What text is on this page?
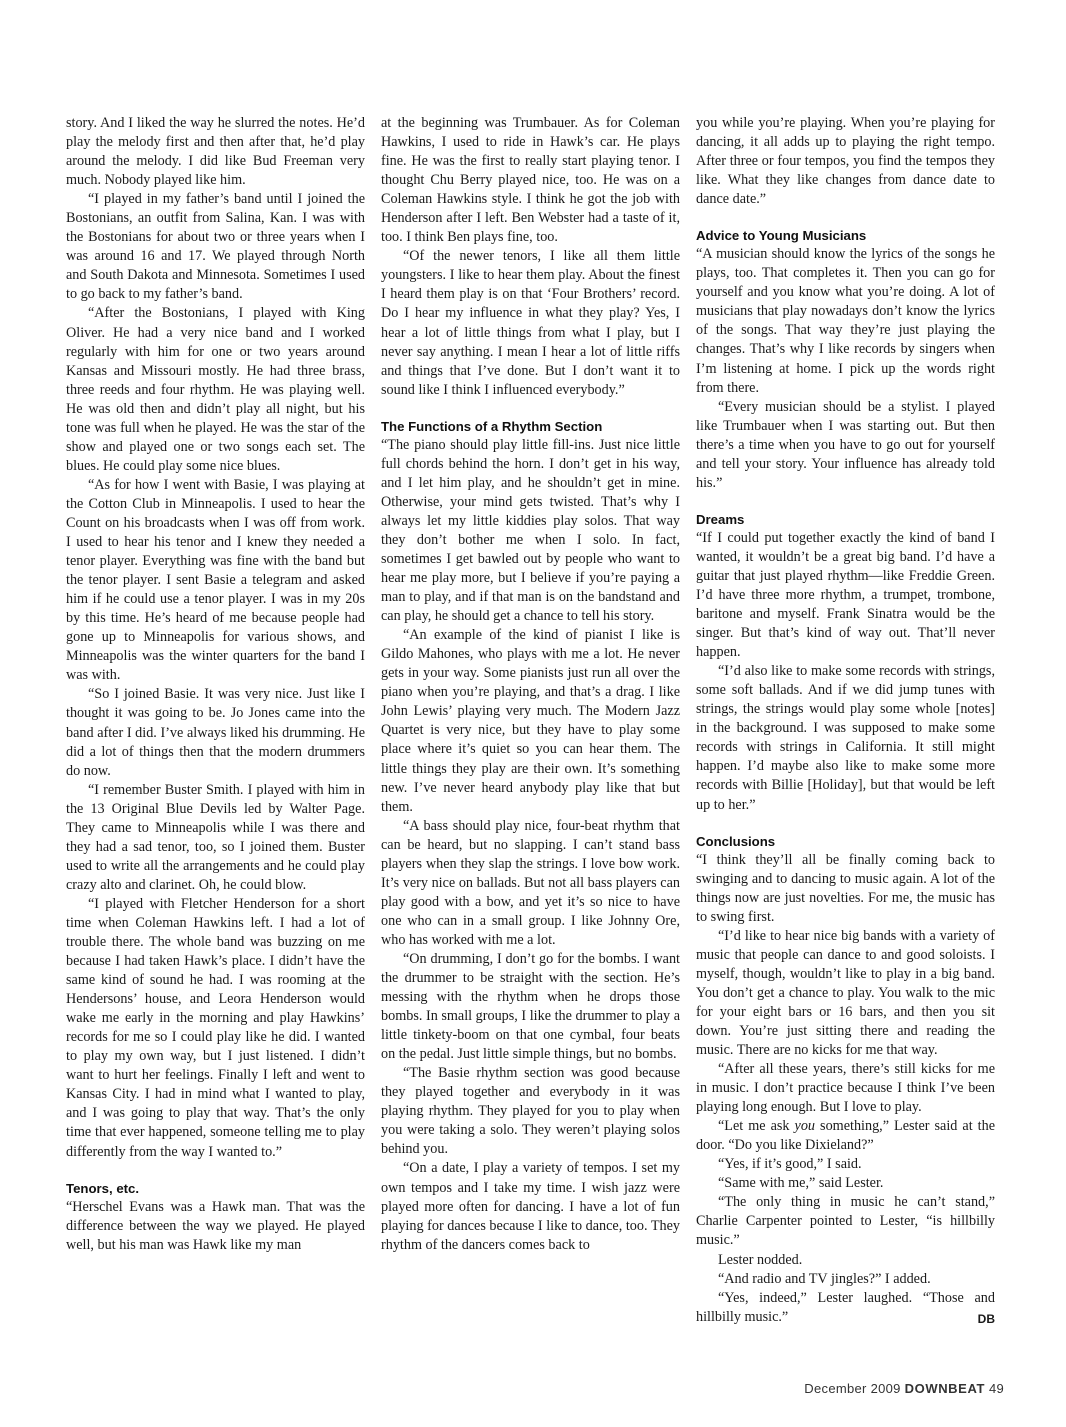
story. And I liked the way he slurred the notes. He’d play the melody first and then after that, he’d play around the melody. I did like Bud Freeman very much. Nobody played like him.

“I played in my father’s band until I joined the Bostonians, an outfit from Salina, Kan. I was with the Bostonians for about two or three years when I was around 16 and 17. We played through North and South Dakota and Minnesota. Sometimes I used to go back to my father’s band.

“After the Bostonians, I played with King Oliver. He had a very nice band and I worked regularly with him for one or two years around Kansas and Missouri mostly. He had three brass, three reeds and four rhythm. He was playing well. He was old then and didn’t play all night, but his tone was full when he played. He was the star of the show and played one or two songs each set. The blues. He could play some nice blues.

“As for how I went with Basie, I was playing at the Cotton Club in Minneapolis. I used to hear the Count on his broadcasts when I was off from work. I used to hear his tenor and I knew they needed a tenor player. Everything was fine with the band but the tenor player. I sent Basie a telegram and asked him if he could use a tenor player. I was in my 20s by this time. He’s heard of me because people had gone up to Minneapolis for various shows, and Minneapolis was the winter quarters for the band I was with.

“So I joined Basie. It was very nice. Just like I thought it was going to be. Jo Jones came into the band after I did. I’ve always liked his drumming. He did a lot of things then that the modern drummers do now.

“I remember Buster Smith. I played with him in the 13 Original Blue Devils led by Walter Page. They came to Minneapolis while I was there and they had a sad tenor, too, so I joined them. Buster used to write all the arrangements and he could play crazy alto and clarinet. Oh, he could blow.

“I played with Fletcher Henderson for a short time when Coleman Hawkins left. I had a lot of trouble there. The whole band was buzzing on me because I had taken Hawk’s place. I didn’t have the same kind of sound he had. I was rooming at the Hendersons’ house, and Leora Henderson would wake me early in the morning and play Hawkins’ records for me so I could play like he did. I wanted to play my own way, but I just listened. I didn’t want to hurt her feelings. Finally I left and went to Kansas City. I had in mind what I wanted to play, and I was going to play that way. That’s the only time that ever happened, someone telling me to play differently from the way I wanted to.”

Tenors, etc.

“Herschel Evans was a Hawk man. That was the difference between the way we played. He played well, but his man was Hawk like my man

at the beginning was Trumbauer. As for Coleman Hawkins, I used to ride in Hawk’s car. He plays fine. He was the first to really start playing tenor. I thought Chu Berry played nice, too. He was on a Coleman Hawkins style. I think he got the job with Henderson after I left. Ben Webster had a taste of it, too. I think Ben plays fine, too.

“Of the newer tenors, I like all them little youngsters. I like to hear them play. About the finest I heard them play is on that ‘Four Brothers’ record. Do I hear my influence in what they play? Yes, I hear a lot of little things from what I play, but I never say anything. I mean I hear a lot of little riffs and things that I’ve done. But I don’t want it to sound like I think I influenced everybody.”

The Functions of a Rhythm Section

“The piano should play little fill-ins. Just nice little full chords behind the horn. I don’t get in his way, and I let him play, and he shouldn’t get in mine. Otherwise, your mind gets twisted. That’s why I always let my little kiddies play solos. That way they don’t bother me when I solo. In fact, sometimes I get bawled out by people who want to hear me play more, but I believe if you’re paying a man to play, and if that man is on the bandstand and can play, he should get a chance to tell his story.

“An example of the kind of pianist I like is Gildo Mahones, who plays with me a lot. He never gets in your way. Some pianists just run all over the piano when you’re playing, and that’s a drag. I like John Lewis’ playing very much. The Modern Jazz Quartet is very nice, but they have to play some place where it’s quiet so you can hear them. The little things they play are their own. It’s something new. I’ve never heard anybody play like that but them.

“A bass should play nice, four-beat rhythm that can be heard, but no slapping. I can’t stand bass players when they slap the strings. I love bow work. It’s very nice on ballads. But not all bass players can play good with a bow, and yet it’s so nice to have one who can in a small group. I like Johnny Ore, who has worked with me a lot.

“On drumming, I don’t go for the bombs. I want the drummer to be straight with the section. He’s messing with the rhythm when he drops those bombs. In small groups, I like the drummer to play a little tinkety-boom on that one cymbal, four beats on the pedal. Just little simple things, but no bombs.

“The Basie rhythm section was good because they played together and everybody in it was playing rhythm. They played for you to play when you were taking a solo. They weren’t playing solos behind you.

“On a date, I play a variety of tempos. I set my own tempos and I take my time. I wish jazz were played more often for dancing. I have a lot of fun playing for dances because I like to dance, too. They rhythm of the dancers comes back to

you while you’re playing. When you’re playing for dancing, it all adds up to playing the right tempo. After three or four tempos, you find the tempos they like. What they like changes from dance date to dance date.”

Advice to Young Musicians

“A musician should know the lyrics of the songs he plays, too. That completes it. Then you can go for yourself and you know what you’re doing. A lot of musicians that play nowadays don’t know the lyrics of the songs. That way they’re just playing the changes. That’s why I like records by singers when I’m listening at home. I pick up the words right from there.

“Every musician should be a stylist. I played like Trumbauer when I was starting out. But then there’s a time when you have to go out for yourself and tell your story. Your influence has already told his.”

Dreams

“If I could put together exactly the kind of band I wanted, it wouldn’t be a great big band. I’d have a guitar that just played rhythm—like Freddie Green. I’d have three more rhythm, a trumpet, trombone, baritone and myself. Frank Sinatra would be the singer. But that’s kind of way out. That’ll never happen.

“I’d also like to make some records with strings, some soft ballads. And if we did jump tunes with strings, the strings would play some whole [notes] in the background. I was supposed to make some records with strings in California. It still might happen. I’d maybe also like to make some more records with Billie [Holiday], but that would be left up to her.”

Conclusions

“I think they’ll all be finally coming back to swinging and to dancing to music again. A lot of the things now are just novelties. For me, the music has to swing first.

“I’d like to hear nice big bands with a variety of music that people can dance to and good soloists. I myself, though, wouldn’t like to play in a big band. You don’t get a chance to play. You walk to the mic for your eight bars or 16 bars, and then you sit down. You’re just sitting there and reading the music. There are no kicks for me that way.

“After all these years, there’s still kicks for me in music. I don’t practice because I think I’ve been playing long enough. But I love to play.

“Let me ask you something,” Lester said at the door. “Do you like Dixieland?”

“Yes, if it’s good,” I said.

“Same with me,” said Lester.

“The only thing in music he can’t stand,” Charlie Carpenter pointed to Lester, “is hillbilly music.”

Lester nodded.

“And radio and TV jingles?” I added.

“Yes, indeed,” Lester laughed. “Those and hillbilly music.”	DB

December 2009 DOWNBEAT 49
